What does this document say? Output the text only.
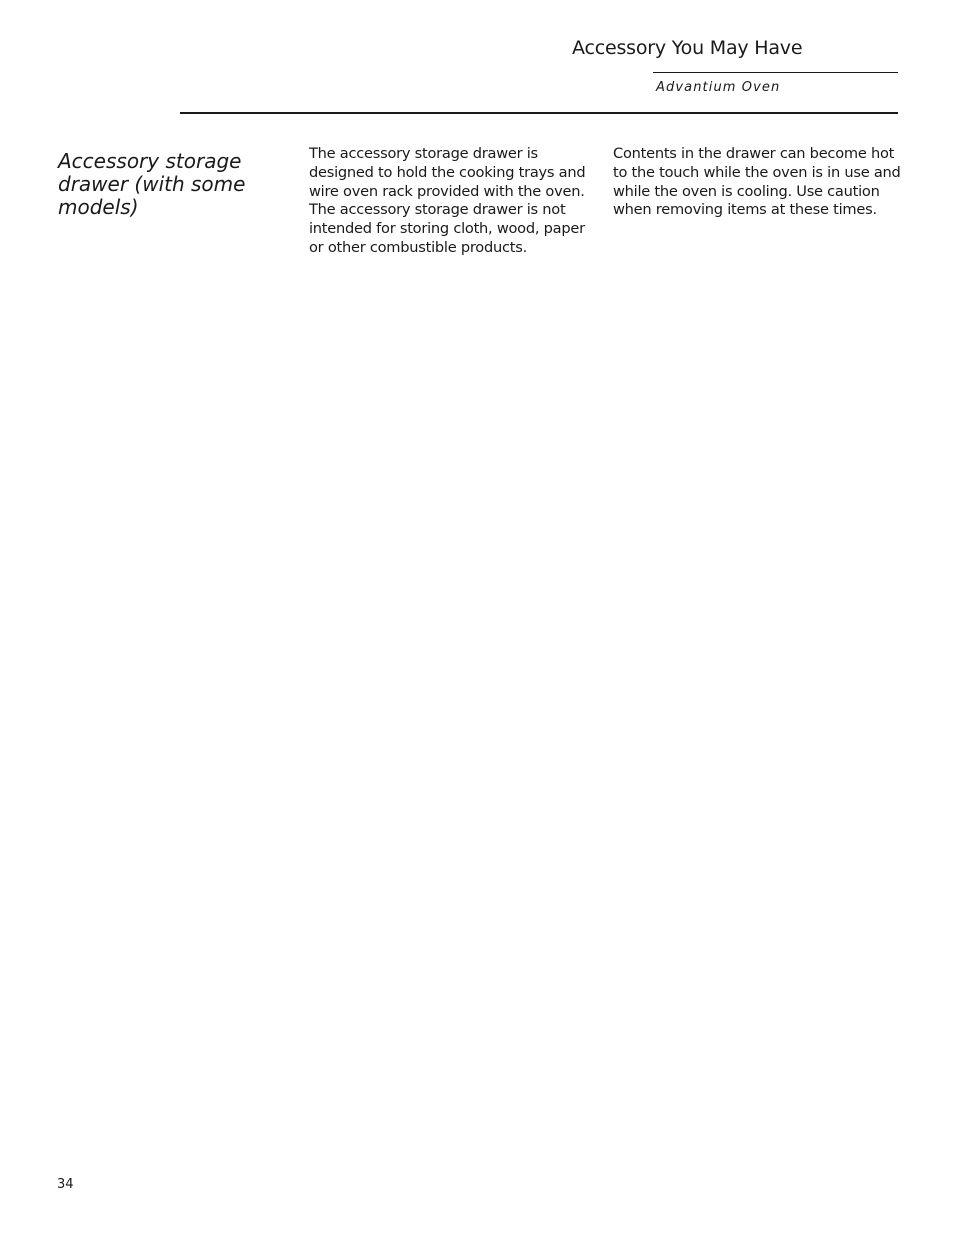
Accessory You May Have
Advantium Oven
Accessory storage drawer (with some models)

The accessory storage drawer is designed to hold the cooking trays and wire oven rack provided with the oven. The accessory storage drawer is not intended for storing cloth, wood, paper or other combustible products.

Contents in the drawer can become hot to the touch while the oven is in use and while the oven is cooling. Use caution when removing items at these times.

34
